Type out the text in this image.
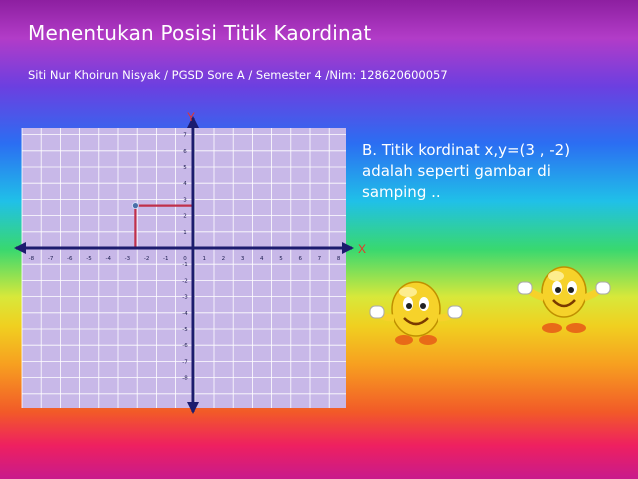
Menentukan Posisi Titik Kaordinat
Siti Nur Khoirun Nisyak / PGSD Sore A / Semester 4 /Nim: 128620600057
B. Titik kordinat x,y=(3 , -2) adalah seperti gambar di samping ..
-8 -7 -6 -5 -4 -3 -2 -1	0	1	2	3	4	5	6	7	8
7
6
5
4
3
2
1
-1
-2
-3
-4
-5
-6
-7
-8
Y
X
